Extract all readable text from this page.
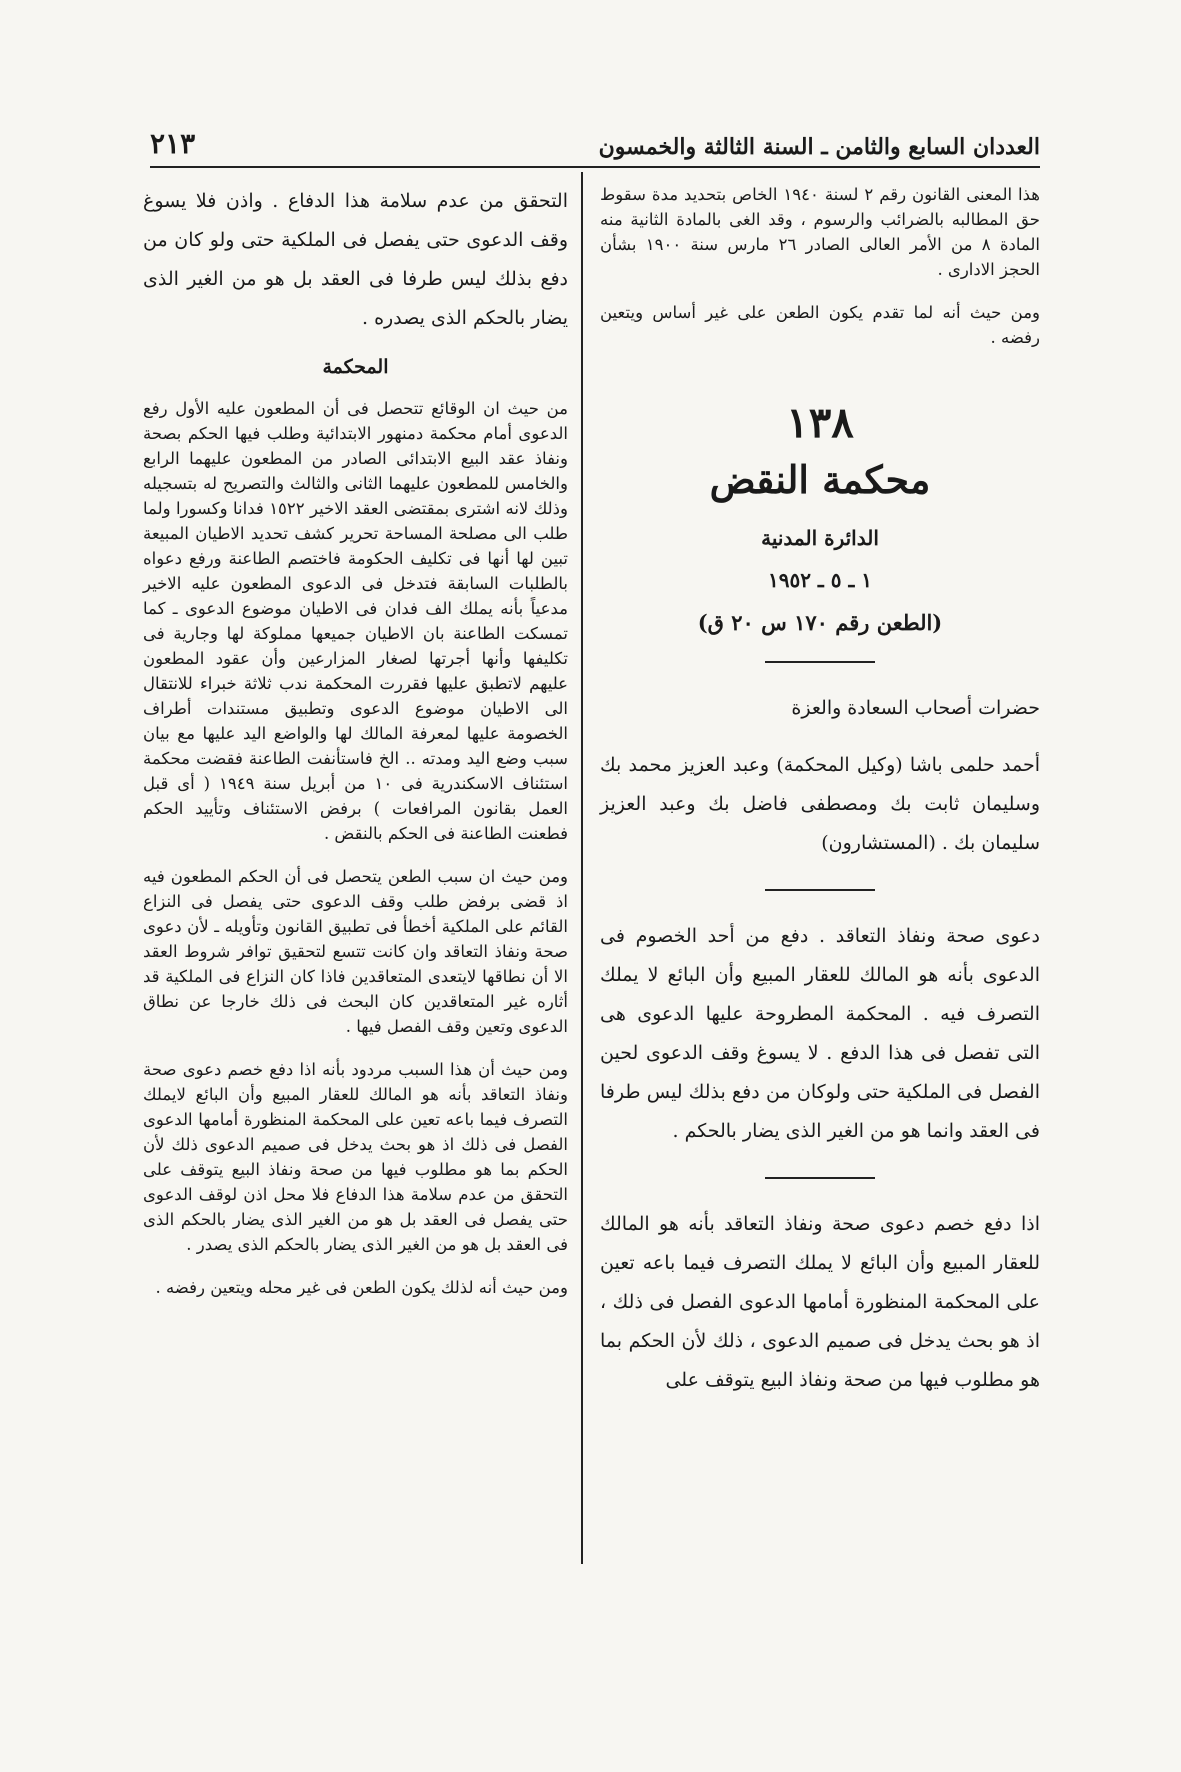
العددان السابع والثامن ـ السنة الثالثة والخمسون
٢١٣

هذا المعنى القانون رقم ٢ لسنة ١٩٤٠ الخاص بتحديد مدة سقوط حق المطالبه بالضرائب والرسوم ، وقد الغى بالمادة الثانية منه المادة ٨ من الأمر العالى الصادر ٢٦ مارس سنة ١٩٠٠ بشأن الحجز الادارى .

ومن حيث أنه لما تقدم يكون الطعن على غير أساس ويتعين رفضه .

١٣٨
محكمة النقض
الدائرة المدنية
١ ـ ٥ ـ ١٩٥٢
(الطعن رقم ١٧٠ س ٢٠ ق)

حضرات أصحاب السعادة والعزة

أحمد حلمى باشا (وكيل المحكمة) وعبد العزيز محمد بك وسليمان ثابت بك ومصطفى فاضل بك وعبد العزيز سليمان بك . (المستشارون)

دعوى صحة ونفاذ التعاقد . دفع من أحد الخصوم فى الدعوى بأنه هو المالك للعقار المبيع وأن البائع لا يملك التصرف فيه . المحكمة المطروحة عليها الدعوى هى التى تفصل فى هذا الدفع . لا يسوغ وقف الدعوى لحين الفصل فى الملكية حتى ولوكان من دفع بذلك ليس طرفا فى العقد وانما هو من الغير الذى يضار بالحكم .

اذا دفع خصم دعوى صحة ونفاذ التعاقد بأنه هو المالك للعقار المبيع وأن البائع لا يملك التصرف فيما باعه تعين على المحكمة المنظورة أمامها الدعوى الفصل فى ذلك ، اذ هو بحث يدخل فى صميم الدعوى ، ذلك لأن الحكم بما هو مطلوب فيها من صحة ونفاذ البيع يتوقف على

التحقق من عدم سلامة هذا الدفاع . واذن فلا يسوغ وقف الدعوى حتى يفصل فى الملكية حتى ولو كان من دفع بذلك ليس طرفا فى العقد بل هو من الغير الذى يضار بالحكم الذى يصدره .

المحكمة

من حيث ان الوقائع تتحصل فى أن المطعون عليه الأول رفع الدعوى أمام محكمة دمنهور الابتدائية وطلب فيها الحكم بصحة ونفاذ عقد البيع الابتدائى الصادر من المطعون عليهما الرابع والخامس للمطعون عليهما الثانى والثالث والتصريح له بتسجيله وذلك لانه اشترى بمقتضى العقد الاخير ١٥٢٢ فدانا وكسورا ولما طلب الى مصلحة المساحة تحرير كشف تحديد الاطيان المبيعة تبين لها أنها فى تكليف الحكومة فاختصم الطاعنة ورفع دعواه بالطلبات السابقة فتدخل فى الدعوى المطعون عليه الاخير مدعياً بأنه يملك الف فدان فى الاطيان موضوع الدعوى ـ كما تمسكت الطاعنة بان الاطيان جميعها مملوكة لها وجارية فى تكليفها وأنها أجرتها لصغار المزارعين وأن عقود المطعون عليهم لاتطبق عليها فقررت المحكمة ندب ثلاثة خبراء للانتقال الى الاطيان موضوع الدعوى وتطبيق مستندات أطراف الخصومة عليها لمعرفة المالك لها والواضع اليد عليها مع بيان سبب وضع اليد ومدته .. الخ فاستأنفت الطاعنة فقضت محكمة استئناف الاسكندرية فى ١٠ من أبريل سنة ١٩٤٩ ( أى قبل العمل بقانون المرافعات ) برفض الاستئناف وتأييد الحكم فطعنت الطاعنة فى الحكم بالنقض .

ومن حيث ان سبب الطعن يتحصل فى أن الحكم المطعون فيه اذ قضى برفض طلب وقف الدعوى حتى يفصل فى النزاع القائم على الملكية أخطأ فى تطبيق القانون وتأويله ـ لأن دعوى صحة ونفاذ التعاقد وان كانت تتسع لتحقيق توافر شروط العقد الا أن نطاقها لايتعدى المتعاقدين فاذا كان النزاع فى الملكية قد أثاره غير المتعاقدين كان البحث فى ذلك خارجا عن نطاق الدعوى وتعين وقف الفصل فيها .

ومن حيث أن هذا السبب مردود بأنه اذا دفع خصم دعوى صحة ونفاذ التعاقد بأنه هو المالك للعقار المبيع وأن البائع لايملك التصرف فيما باعه تعين على المحكمة المنظورة أمامها الدعوى الفصل فى ذلك اذ هو بحث يدخل فى صميم الدعوى ذلك لأن الحكم بما هو مطلوب فيها من صحة ونفاذ البيع يتوقف على التحقق من عدم سلامة هذا الدفاع فلا محل اذن لوقف الدعوى حتى يفصل فى العقد بل هو من الغير الذى يضار بالحكم الذى فى العقد بل هو من الغير الذى يضار بالحكم الذى يصدر .

ومن حيث أنه لذلك يكون الطعن فى غير محله ويتعين رفضه .
